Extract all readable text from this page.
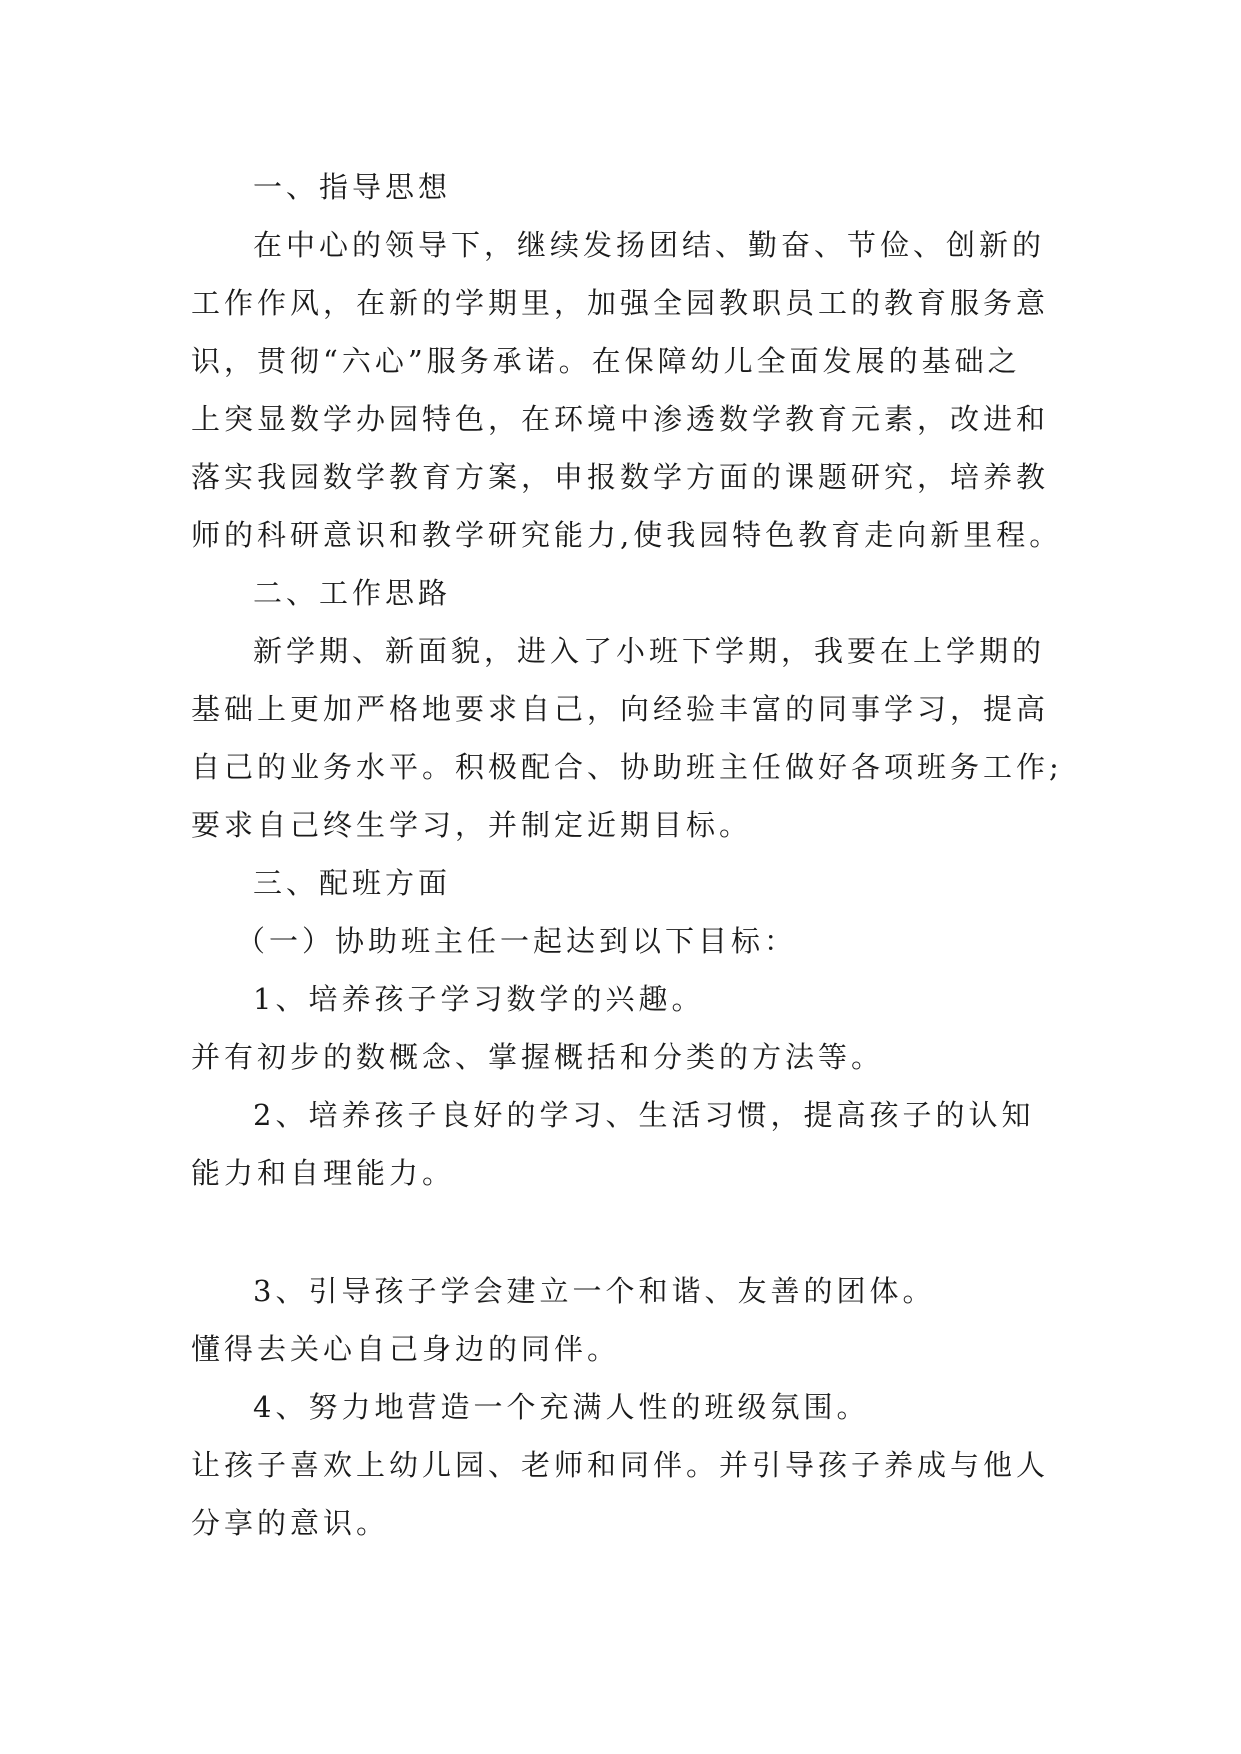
一、指导思想
在中心的领导下，继续发扬团结、勤奋、节俭、创新的
工作作风，在新的学期里，加强全园教职员工的教育服务意
识，贯彻“六心”服务承诺。在保障幼儿全面发展的基础之
上突显数学办园特色，在环境中渗透数学教育元素，改进和
落实我园数学教育方案，申报数学方面的课题研究，培养教
师的科研意识和教学研究能力,使我园特色教育走向新里程。
二、工作思路
新学期、新面貌，进入了小班下学期，我要在上学期的
基础上更加严格地要求自己，向经验丰富的同事学习，提高
自己的业务水平。积极配合、协助班主任做好各项班务工作;
要求自己终生学习，并制定近期目标。
三、配班方面
（一）协助班主任一起达到以下目标：
1、培养孩子学习数学的兴趣。
并有初步的数概念、掌握概括和分类的方法等。
2、培养孩子良好的学习、生活习惯，提高孩子的认知
能力和自理能力。
3、引导孩子学会建立一个和谐、友善的团体。
懂得去关心自己身边的同伴。
4、努力地营造一个充满人性的班级氛围。
让孩子喜欢上幼儿园、老师和同伴。并引导孩子养成与他人
分享的意识。
